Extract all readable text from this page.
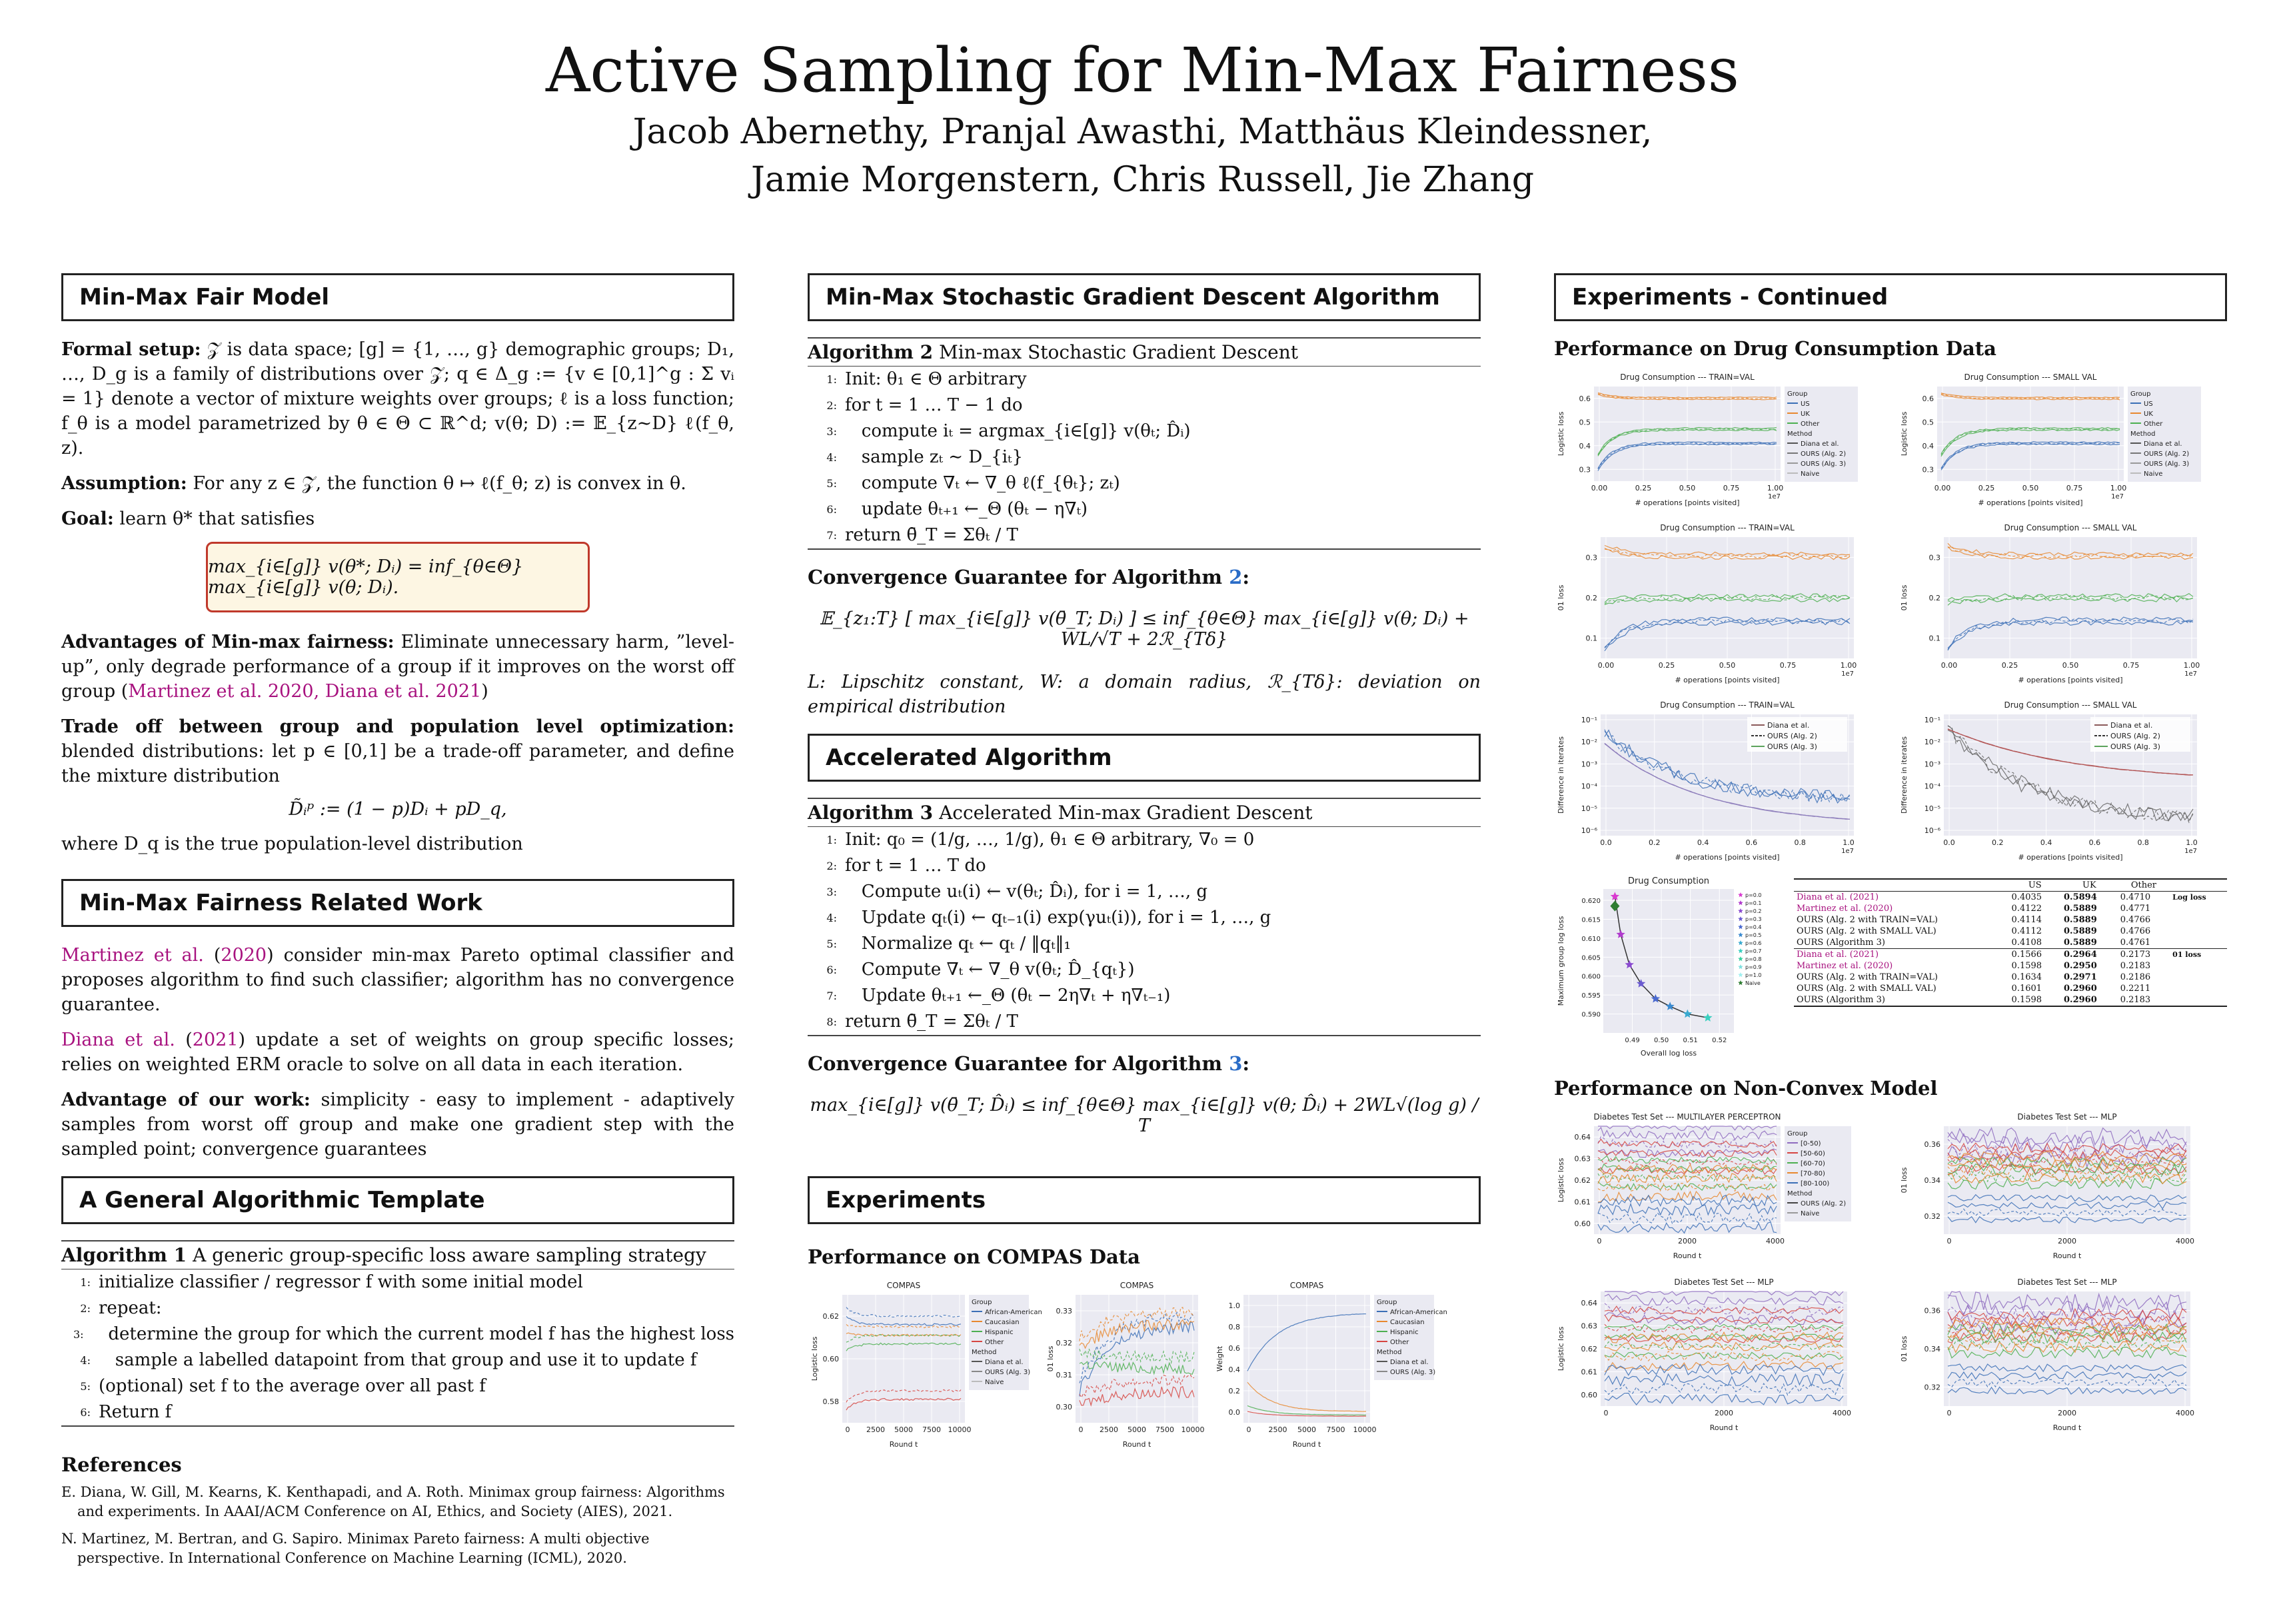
Active Sampling for Min-Max Fairness
Jacob Abernethy, Pranjal Awasthi, Matthäus Kleindessner,
Jamie Morgenstern, Chris Russell, Jie Zhang
Min-Max Fair Model

Formal setup: 𝒵 is data space; [g] = {1, …, g} demographic groups; D₁, …, D_g is a family of distributions over 𝒵; q ∈ Δ_g := {v ∈ [0,1]^g : Σ vᵢ = 1} denote a vector of mixture weights over groups; ℓ is a loss function; f_θ is a model parametrized by θ ∈ Θ ⊂ ℝ^d; v(θ; D) := 𝔼_{z∼D} ℓ(f_θ, z).

Assumption: For any z ∈ 𝒵, the function θ ↦ ℓ(f_θ; z) is convex in θ.

Goal: learn θ* that satisfies

max_{i∈[g]} v(θ*; Dᵢ) = inf_{θ∈Θ} max_{i∈[g]} v(θ; Dᵢ).

Advantages of Min-max fairness: Eliminate unnecessary harm, ”level-up”, only degrade performance of a group if it improves on the worst off group (Martinez et al. 2020, Diana et al. 2021)

Trade off between group and population level optimization: blended distributions: let p ∈ [0,1] be a trade-off parameter, and define the mixture distribution

D̃ᵢᵖ := (1 − p)Dᵢ + pD_q,

where D_q is the true population-level distribution

Min-Max Fairness Related Work

Martinez et al. (2020) consider min-max Pareto optimal classifier and proposes algorithm to find such classifier; algorithm has no convergence guarantee.

Diana et al. (2021) update a set of weights on group specific losses; relies on weighted ERM oracle to solve on all data in each iteration.

Advantage of our work: simplicity - easy to implement - adaptively samples from worst off group and make one gradient step with the sampled point; convergence guarantees

A General Algorithmic Template
Algorithm 1 A generic group-specific loss aware sampling strategy
1: initialize classifier / regressor f with some initial model
2: repeat:
3: determine the group for which the current model f has the highest loss
4: sample a labelled datapoint from that group and use it to update f
5: (optional) set f to the average over all past f
6: Return f
References
E. Diana, W. Gill, M. Kearns, K. Kenthapadi, and A. Roth. Minimax group fairness: Algorithms and experiments. In AAAI/ACM Conference on AI, Ethics, and Society (AIES), 2021.
N. Martinez, M. Bertran, and G. Sapiro. Minimax Pareto fairness: A multi objective perspective. In International Conference on Machine Learning (ICML), 2020.
Min-Max Stochastic Gradient Descent Algorithm
Algorithm 2 Min-max Stochastic Gradient Descent
1: Init: θ₁ ∈ Θ arbitrary
2: for t = 1 … T − 1 do
3: compute iₜ = argmax_{i∈[g]} v(θₜ; D̂ᵢ)
4: sample zₜ ∼ D_{iₜ}
5: compute ∇ₜ ← ∇_θ ℓ(f_{θₜ}; zₜ)
6: update θₜ₊₁ ←_Θ (θₜ − η∇ₜ)
7: return θ̄_T = Σθₜ / T
Convergence Guarantee for Algorithm 2:
𝔼_{z₁:T} [ max_{i∈[g]} v(θ̄_T; Dᵢ) ] ≤ inf_{θ∈Θ} max_{i∈[g]} v(θ; Dᵢ) + WL/√T + 2ℛ_{Tδ}

L: Lipschitz constant, W: a domain radius, ℛ_{Tδ}: deviation on empirical distribution

Accelerated Algorithm
Algorithm 3 Accelerated Min-max Gradient Descent
1: Init: q₀ = (1/g, …, 1/g), θ₁ ∈ Θ arbitrary, ∇₀ = 0
2: for t = 1 … T do
3: Compute uₜ(i) ← v(θₜ; D̂ᵢ), for i = 1, …, g
4: Update qₜ(i) ← qₜ₋₁(i) exp(γuₜ(i)), for i = 1, …, g
5: Normalize qₜ ← qₜ / ‖qₜ‖₁
6: Compute ∇ₜ ← ∇_θ v(θₜ; D̂_{qₜ})
7: Update θₜ₊₁ ←_Θ (θₜ − 2η∇ₜ + η∇ₜ₋₁)
8: return θ̄_T = Σθₜ / T
Convergence Guarantee for Algorithm 3:
max_{i∈[g]} v(θ̄_T; D̂ᵢ) ≤ inf_{θ∈Θ} max_{i∈[g]} v(θ; D̂ᵢ) + 2WL√(log g) / T
Experiments
Performance on COMPAS Data
COMPAS
0.58
0.60
0.62
0 2500 5000 7500 10000
Round t
Logistic loss
Group
African-American
Caucasian
Hispanic
Other
Method
Diana et al.
OURS (Alg. 3)
Naive
COMPAS
0.30
0.31
0.32
0.33
0 2500 5000 7500 10000
Round t
01 loss
COMPAS
0.0
0.2
0.4
0.6
0.8
1.0
0 2500 5000 7500 10000
Round t
Weight
Group
African-American
Caucasian
Hispanic
Other
Method
Diana et al.
OURS (Alg. 3)
Experiments - Continued
Performance on Drug Consumption Data
Drug Consumption --- TRAIN=VAL
0.3
0.4
0.5
0.6
0.00	0.25	0.50	0.75	1.00
1e7
# operations [points visited]
Logistic loss
Group
US
UK
Other
Method
Diana et al.
OURS (Alg. 2)
OURS (Alg. 3)
Naive
Drug Consumption --- SMALL VAL
0.3
0.4
0.5
0.6
0.00	0.25	0.50	0.75	1.00
1e7
# operations [points visited]
Logistic loss
Group
US
UK
Other
Method
Diana et al.
OURS (Alg. 2)
OURS (Alg. 3)
Naive
Drug Consumption --- TRAIN=VAL
0.1
0.2
0.3
0.00	0.25	0.50	0.75	1.00
1e7
# operations [points visited]
01 loss
Drug Consumption --- SMALL VAL
0.1
0.2
0.3
0.00	0.25	0.50	0.75	1.00
1e7
# operations [points visited]
01 loss
Drug Consumption --- TRAIN=VAL
10⁻¹
10⁻²
10⁻³
10⁻⁴
10⁻⁵
10⁻⁶
0.0	0.2	0.4	0.6	0.8	1.0
1e7
# operations [points visited]
Difference in iterates
Diana et al.
OURS (Alg. 2)
OURS (Alg. 3)
Drug Consumption --- SMALL VAL
10⁻¹
10⁻²
10⁻³
10⁻⁴
10⁻⁵
10⁻⁶
0.0	0.2	0.4	0.6	0.8	1.0
1e7
# operations [points visited]
Difference in iterates
Diana et al.
OURS (Alg. 2)
OURS (Alg. 3)
Drug Consumption
0.590
0.595
0.600
0.605
0.610
0.615
0.620
0.49 0.50 0.51 0.52
Overall log loss
Maximum group log loss
p=0.0
p=0.1
p=0.2
p=0.3
p=0.4
p=0.5
p=0.6
p=0.7
p=0.8
p=0.9
p=1.0
Naive
	US	UK	Other	
Diana et al. (2021)	0.4035	0.5894	0.4710	Log loss
Martinez et al. (2020)	0.4122	0.5889	0.4771	
OURS (Alg. 2 with TRAIN=VAL)	0.4114	0.5889	0.4766	
OURS (Alg. 2 with SMALL VAL)	0.4112	0.5889	0.4766	
OURS (Algorithm 3)	0.4108	0.5889	0.4761	
Diana et al. (2021)	0.1566	0.2964	0.2173	01 loss
Martinez et al. (2020)	0.1598	0.2950	0.2183	
OURS (Alg. 2 with TRAIN=VAL)	0.1634	0.2971	0.2186	
OURS (Alg. 2 with SMALL VAL)	0.1601	0.2960	0.2211	
OURS (Algorithm 3)	0.1598	0.2960	0.2183	
Performance on Non-Convex Model
Diabetes Test Set --- MULTILAYER PERCEPTRON
0.60
0.61
0.62
0.63
0.64
0	2000	4000
Round t
Logistic loss
Group
[0-50)
[50-60)
[60-70)
[70-80)
[80-100)
Method
OURS (Alg. 2)
Naive
Diabetes Test Set --- MLP
0.32
0.34
0.36
0	2000	4000
Round t
01 loss
Diabetes Test Set --- MLP
0.60
0.61
0.62
0.63
0.64
0	2000	4000
Round t
Logistic loss
Diabetes Test Set --- MLP
0.32
0.34
0.36
0	2000	4000
Round t
01 loss
